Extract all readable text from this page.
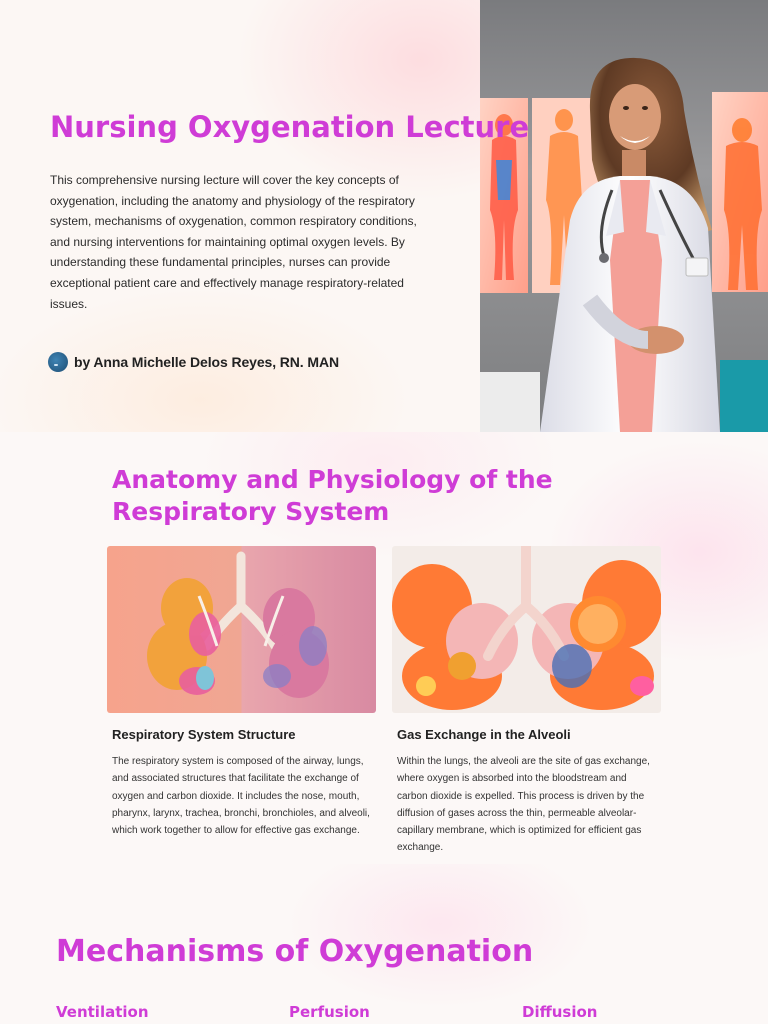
Nursing Oxygenation Lecture

This comprehensive nursing lecture will cover the key concepts of oxygenation, including the anatomy and physiology of the respiratory system, mechanisms of oxygenation, common respiratory conditions, and nursing interventions for maintaining optimal oxygen levels. By understanding these fundamental principles, nurses can provide exceptional patient care and effectively manage respiratory-related issues.

by Anna Michelle Delos Reyes, RN. MAN
Anatomy and Physiology of the Respiratory System
Respiratory System Structure

The respiratory system is composed of the airway, lungs, and associated structures that facilitate the exchange of oxygen and carbon dioxide. It includes the nose, mouth, pharynx, larynx, trachea, bronchi, bronchioles, and alveoli, which work together to allow for effective gas exchange.

Gas Exchange in the Alveoli

Within the lungs, the alveoli are the site of gas exchange, where oxygen is absorbed into the bloodstream and carbon dioxide is expelled. This process is driven by the diffusion of gases across the thin, permeable alveolar-capillary membrane, which is optimized for efficient gas exchange.

Mechanisms of Oxygenation
Ventilation	Perfusion	Diffusion
